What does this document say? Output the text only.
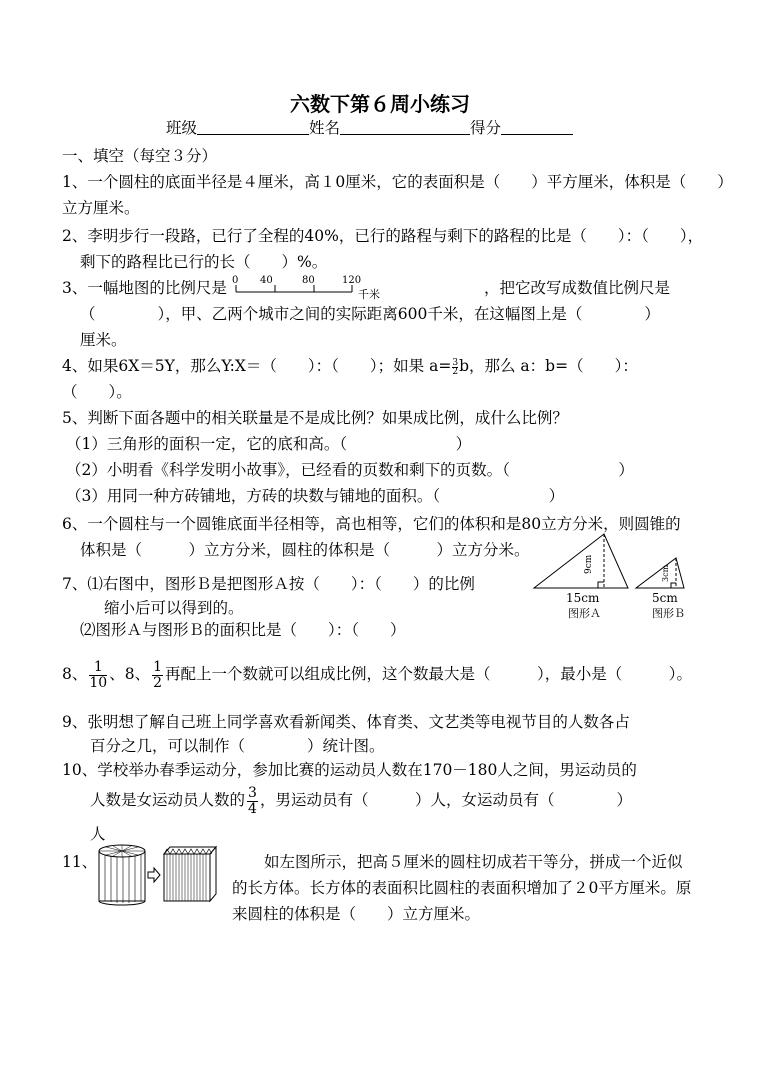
六数下第６周小练习
班级	姓名	得分
一、填空（每空３分）
1、一个圆柱的底面半径是４厘米，高１0厘米，它的表面积是（　　）平方厘米，体积是（　　）
立方厘米。
2、李明步行一段路，已行了全程的40%，已行的路程与剩下的路程的比是（　　）：（　　），
剩下的路程比已行的长（　　）%。
3、一幅地图的比例尺是 0 40	80	120
千米	，把它改写成数值比例尺是
（　　　　），甲、乙两个城市之间的实际距离600千米，在这幅图上是（　　　　）
厘米。
4、如果6X＝5Y，那么Y:X＝（　　）：（　　）；如果 $a= \frac{3}{2}$ b，那么 a：b=（　　）：
（　　）。
5、判断下面各题中的相关联量是不是成比例？如果成比例，成什么比例？
（1）三角形的面积一定，它的底和高。（　　　　　　　）
（2）小明看《科学发明小故事》，已经看的页数和剩下的页数。（　　　　　　　）
（3）用同一种方砖铺地，方砖的块数与铺地的面积。（　　　　　　　）
6、一个圆柱与一个圆锥底面半径相等，高也相等，它们的体积和是80立方分米，则圆锥的
体积是（　　　）立方分米，圆柱的体积是（　　　）立方分米。
9cm
15cm
图形Ａ
3cm
5cm
图形Ｂ
7、⑴右图中，图形Ｂ是把图形Ａ按（　　）：（　　）的比例
缩小后可以得到的。
⑵图形Ａ与图形Ｂ的面积比是（　　）：（　　）
8、 $\frac{1}{10}$ 、8、 $\frac{1}{2}$ 再配上一个数就可以组成比例，这个数最大是（　　　），最小是（　　　）。
9、张明想了解自己班上同学喜欢看新闻类、体育类、文艺类等电视节目的人数各占
百分之几，可以制作（　　　　）统计图。
10、学校举办春季运动分，参加比赛的运动员人数在170－180人之间，男运动员的
人数是女运动员人数的 $\frac{3}{4}$ ，男运动员有（　　　）人，女运动员有（　　　　）
人
11、	如左图所示，把高５厘米的圆柱切成若干等分，拼成一个近似
的长方体。长方体的表面积比圆柱的表面积增加了２0平方厘米。原
来圆柱的体积是（　　）立方厘米。
